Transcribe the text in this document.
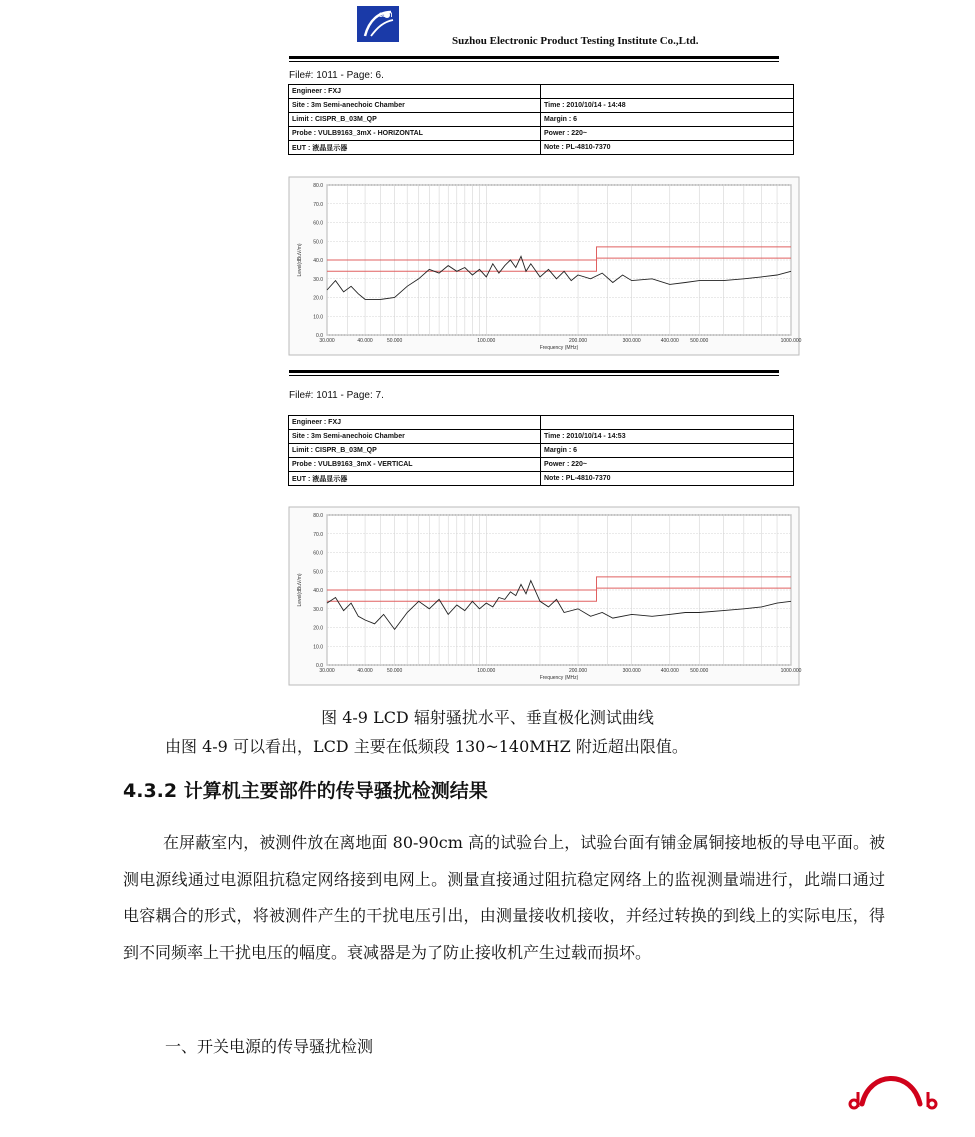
SETI
Suzhou Electronic Product Testing Institute Co.,Ltd.
File#: 1011 - Page: 6.
Engineer : FXJ	
Site : 3m Semi-anechoic Chamber	Time : 2010/10/14 - 14:48
Limit : CISPR_B_03M_QP	Margin : 6
Probe : VULB9163_3mX - HORIZONTAL	Power : 220~
EUT : 液晶显示器	Note : PL-4810-7370
0.0
10.0
20.0
30.0
40.0
50.0
60.0
70.0
80.0
30.000	40.000	50.000	100.000	200.000	300.000	400.000 500.000	1000.000
Frequency (MHz)
Level(dBuV/m)
File#: 1011 - Page: 7.
Engineer : FXJ	
Site : 3m Semi-anechoic Chamber	Time : 2010/10/14 - 14:53
Limit : CISPR_B_03M_QP	Margin : 6
Probe : VULB9163_3mX - VERTICAL	Power : 220~
EUT : 液晶显示器	Note : PL-4810-7370
0.0
10.0
20.0
30.0
40.0
50.0
60.0
70.0
80.0
30.000	40.000	50.000	100.000	200.000	300.000	400.000 500.000	1000.000
Frequency (MHz)
Level(dBuV/m)
图 4-9 LCD 辐射骚扰水平、垂直极化测试曲线
由图 4-9 可以看出，LCD 主要在低频段 130~140MHZ 附近超出限值。
4.3.2 计算机主要部件的传导骚扰检测结果
在屏蔽室内，被测件放在离地面 80-90cm 高的试验台上，试验台面有铺金属铜接地板的导电平面。被测电源线通过电源阻抗稳定网络接到电网上。测量直接通过阻抗稳定网络上的监视测量端进行，此端口通过电容耦合的形式，将被测件产生的干扰电压引出，由测量接收机接收，并经过转换的到线上的实际电压，得到不同频率上干扰电压的幅度。衰减器是为了防止接收机产生过载而损坏。
一、开关电源的传导骚扰检测
